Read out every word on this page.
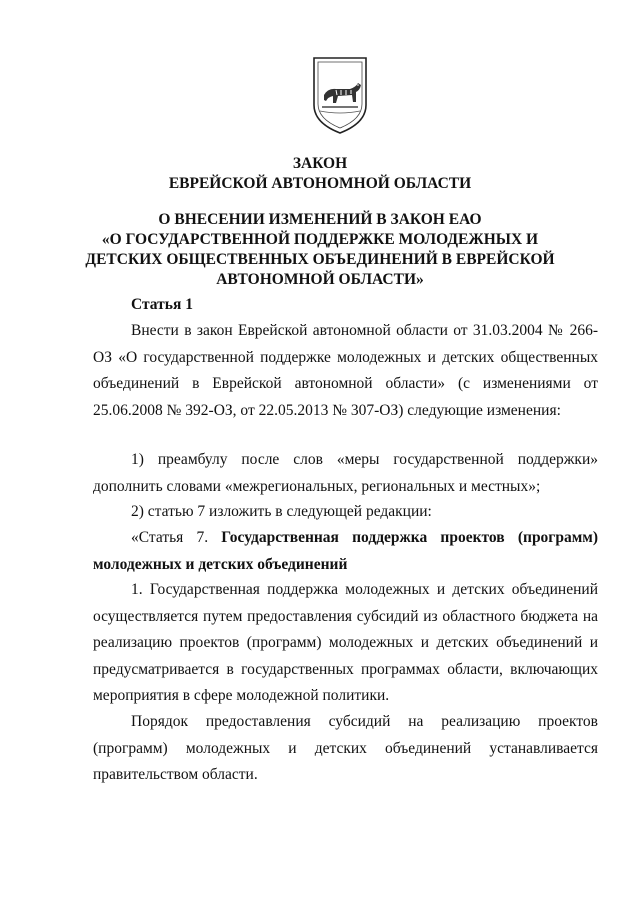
ЗАКОН
ЕВРЕЙСКОЙ АВТОНОМНОЙ ОБЛАСТИ
О ВНЕСЕНИИ ИЗМЕНЕНИЙ В ЗАКОН ЕАО
«О ГОСУДАРСТВЕННОЙ ПОДДЕРЖКЕ МОЛОДЕЖНЫХ И
ДЕТСКИХ ОБЩЕСТВЕННЫХ ОБЪЕДИНЕНИЙ В ЕВРЕЙСКОЙ
АВТОНОМНОЙ ОБЛАСТИ»
Статья 1
Внести в закон Еврейской автономной области от 31.03.2004 № 266-ОЗ «О государственной поддержке молодежных и детских общественных объединений в Еврейской автономной области» (с изменениями от 25.06.2008 № 392-ОЗ, от 22.05.2013 № 307-ОЗ) следующие изменения:
1) преамбулу после слов «меры государственной поддержки» дополнить словами «межрегиональных, региональных и местных»;
2) статью 7 изложить в следующей редакции:
«Статья 7. Государственная поддержка проектов (программ) молодежных и детских объединений
1. Государственная поддержка молодежных и детских объединений осуществляется путем предоставления субсидий из областного бюджета на реализацию проектов (программ) молодежных и детских объединений и предусматривается в государственных программах области, включающих мероприятия в сфере молодежной политики.
Порядок предоставления субсидий на реализацию проектов (программ) молодежных и детских объединений устанавливается правительством области.
